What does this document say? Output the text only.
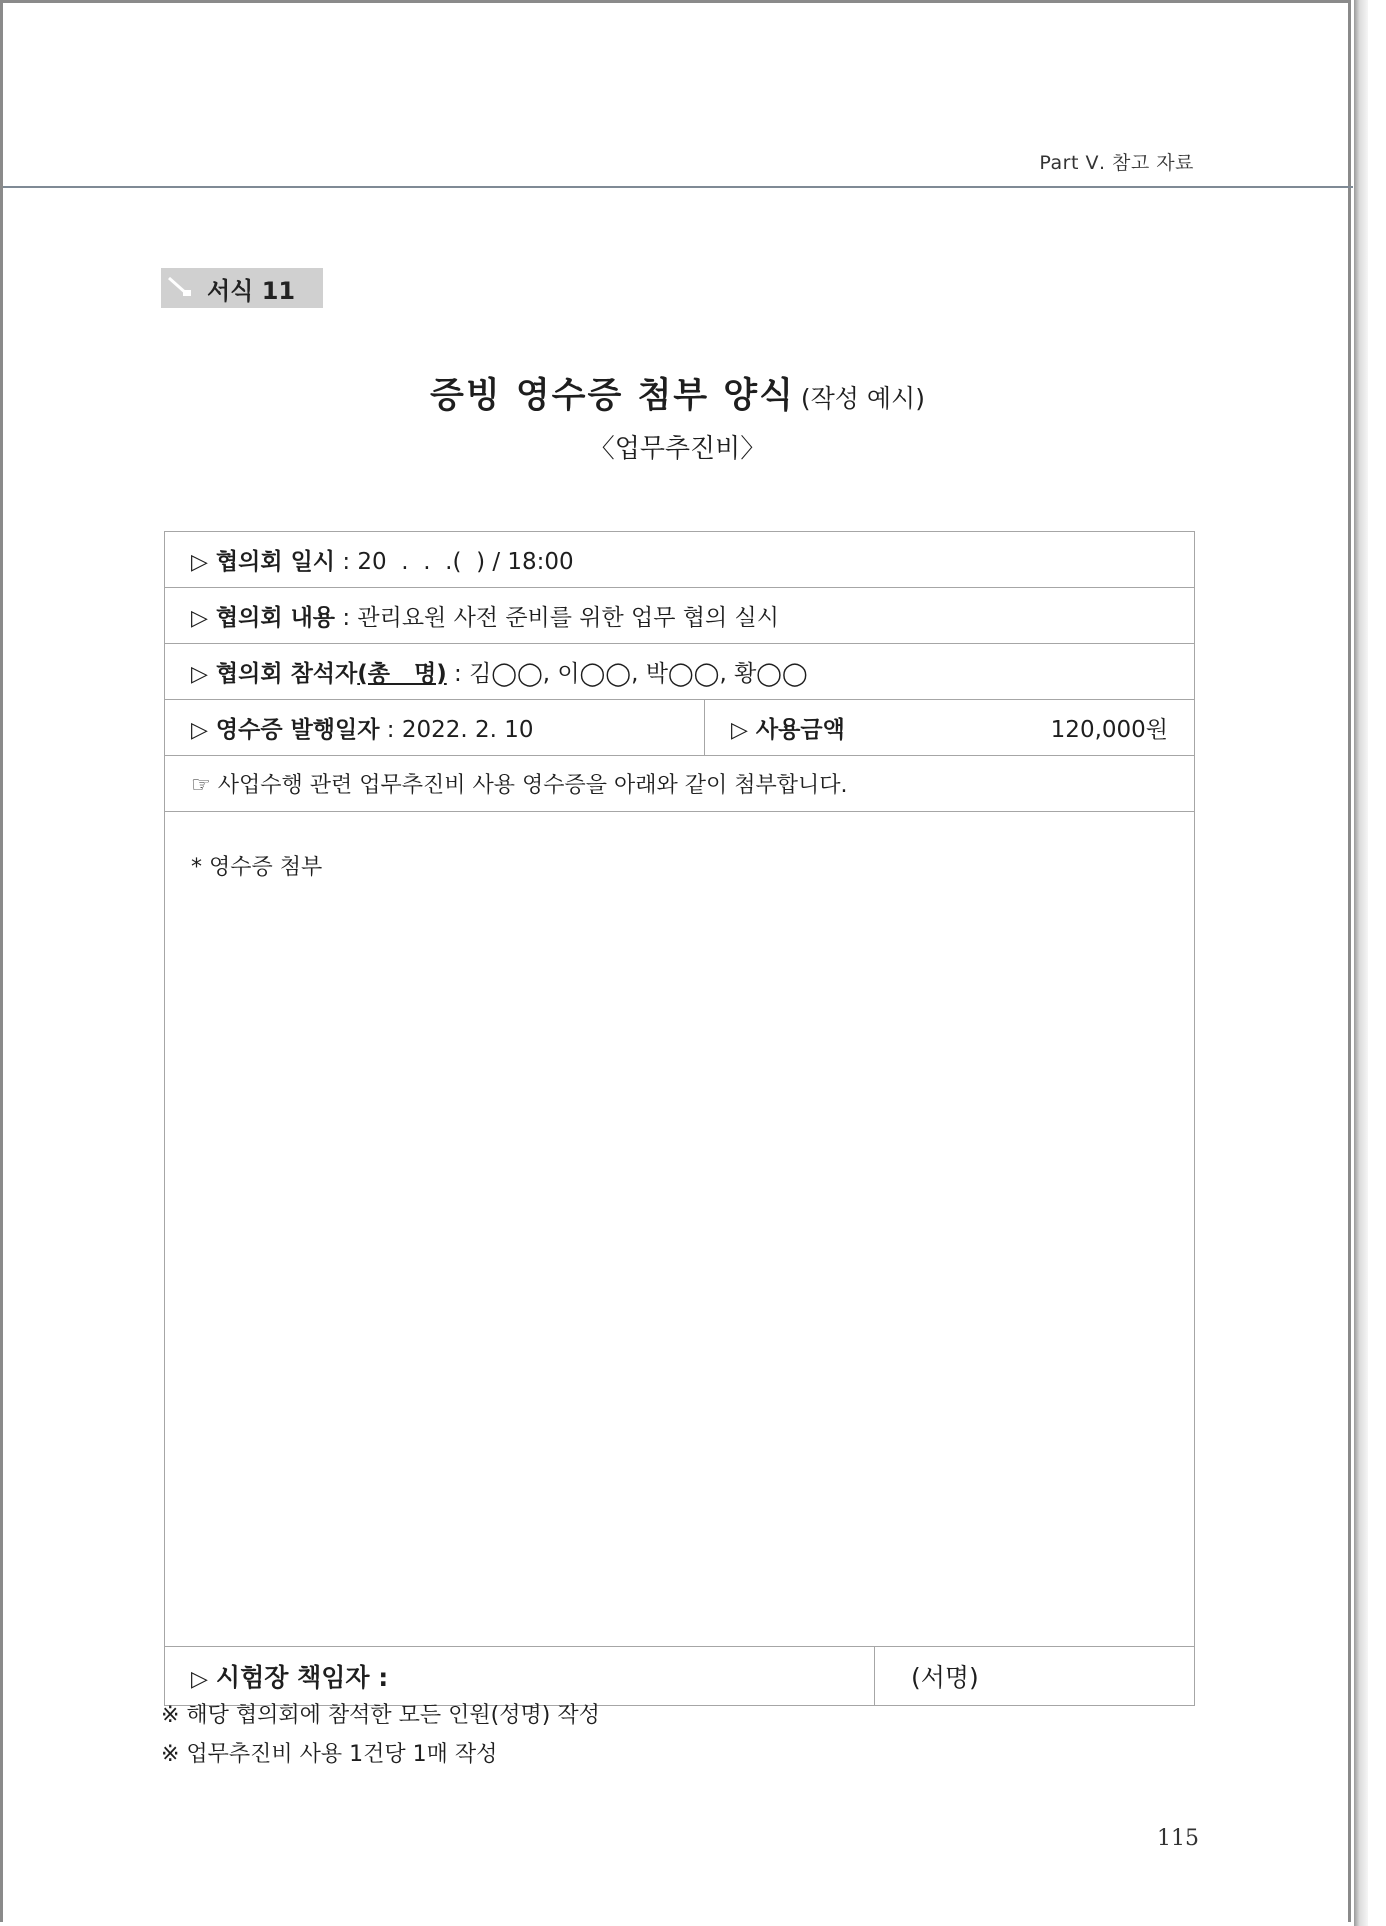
Part Ⅴ. 참고 자료
서식 11
증빙 영수증 첨부 양식 (작성 예시)
〈업무추진비〉
▷ 협의회 일시 : 20  .  .  .(  ) / 18:00		
▷ 협의회 내용 : 관리요원 사전 준비를 위한 업무 협의 실시		
▷ 협의회 참석자(총   명) : 김◯◯, 이◯◯, 박◯◯, 황◯◯		
▷ 영수증 발행일자 : 2022. 2. 10	▷ 사용금액 120,000원	

☞ 사업수행 관련 업무추진비 사용 영수증을 아래와 같이 첨부합니다.		
* 영수증 첨부		
▷ 시험장 책임자 :		(서명)
※ 해당 협의회에 참석한 모든 인원(성명) 작성
※ 업무추진비 사용 1건당 1매 작성
115
